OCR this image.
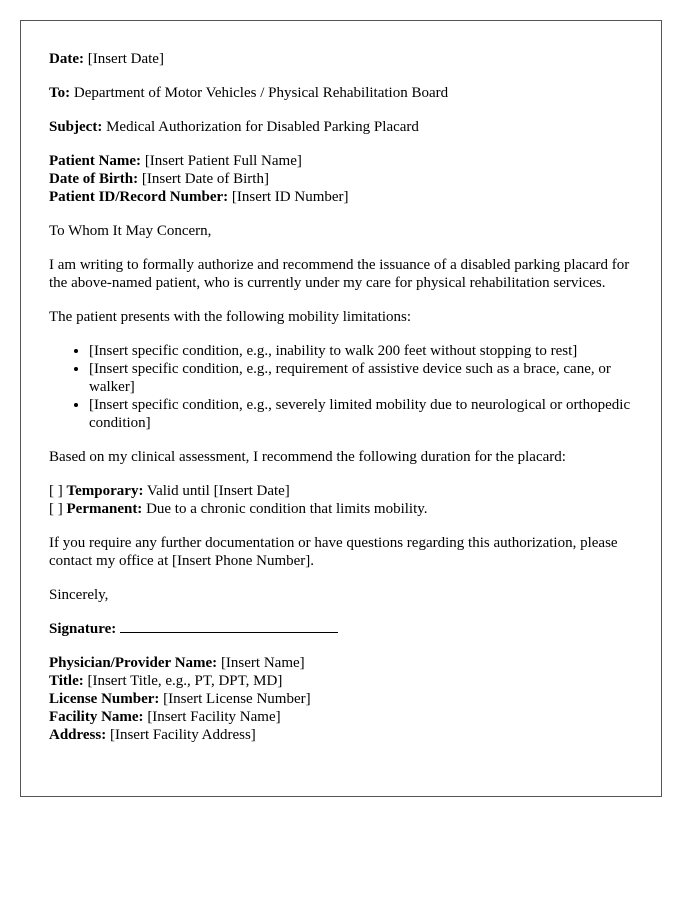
Date: [Insert Date]
To: Department of Motor Vehicles / Physical Rehabilitation Board
Subject: Medical Authorization for Disabled Parking Placard
Patient Name: [Insert Patient Full Name]
Date of Birth: [Insert Date of Birth]
Patient ID/Record Number: [Insert ID Number]
To Whom It May Concern,
I am writing to formally authorize and recommend the issuance of a disabled parking placard for the above-named patient, who is currently under my care for physical rehabilitation services.
The patient presents with the following mobility limitations:
• [Insert specific condition, e.g., inability to walk 200 feet without stopping to rest]
• [Insert specific condition, e.g., requirement of assistive device such as a brace, cane, or walker]
• [Insert specific condition, e.g., severely limited mobility due to neurological or orthopedic condition]
Based on my clinical assessment, I recommend the following duration for the placard:
[ ] Temporary: Valid until [Insert Date]
[ ] Permanent: Due to a chronic condition that limits mobility.
If you require any further documentation or have questions regarding this authorization, please contact my office at [Insert Phone Number].
Sincerely,
Signature:
Physician/Provider Name: [Insert Name]
Title: [Insert Title, e.g., PT, DPT, MD]
License Number: [Insert License Number]
Facility Name: [Insert Facility Name]
Address: [Insert Facility Address]
